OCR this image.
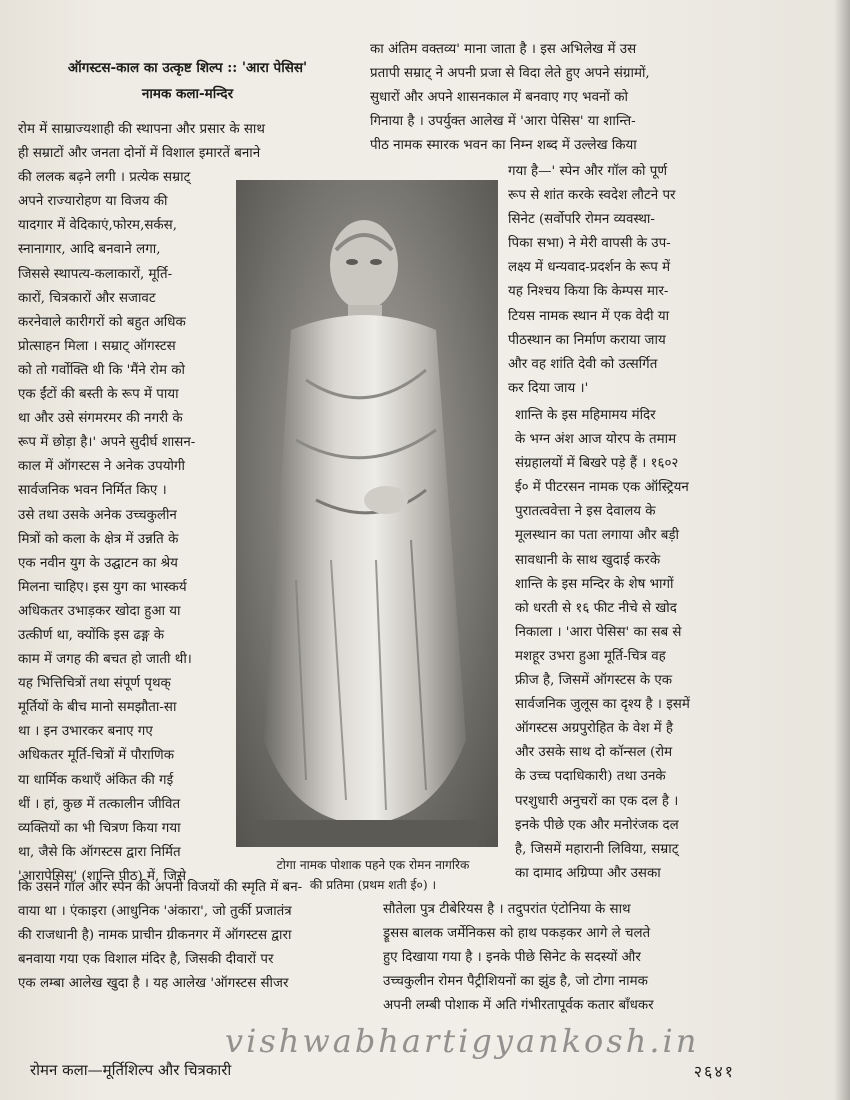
ऑगस्टस-काल का उत्कृष्ट शिल्प :: 'आरा पेसिस'
नामक कला-मन्दिर
का अंतिम वक्तव्य' माना जाता है । इस अभिलेख में उस
प्रतापी सम्राट् ने अपनी प्रजा से विदा लेते हुए अपने संग्रामों,
सुधारों और अपने शासनकाल में बनवाए गए भवनों को
गिनाया है । उपर्युक्त आलेख में 'आरा पेसिस' या शान्ति-
पीठ नामक स्मारक भवन का निम्न शब्द में उल्लेख किया
रोम में साम्राज्यशाही की स्थापना और प्रसार के साथ
ही सम्राटों और जनता दोनों में विशाल इमारतें बनाने
की ललक बढ़ने लगी । प्रत्येक सम्राट्
अपने राज्यारोहण या विजय की
यादगार में वेदिकाएं,फोरम,सर्कस,
स्नानागार, आदि बनवाने लगा,
जिससे स्थापत्य-कलाकारों, मूर्ति-
कारों, चित्रकारों और सजावट
करनेवाले कारीगरों को बहुत अधिक
प्रोत्साहन मिला । सम्राट् ऑगस्टस
को तो गर्वोक्ति थी कि 'मैंने रोम को
एक ईंटों की बस्ती के रूप में पाया
था और उसे संगमरमर की नगरी के
रूप में छोड़ा है।' अपने सुदीर्घ शासन-
काल में ऑगस्टस ने अनेक उपयोगी
सार्वजनिक भवन निर्मित किए ।
उसे तथा उसके अनेक उच्चकुलीन
मित्रों को कला के क्षेत्र में उन्नति के
एक नवीन युग के उद्घाटन का श्रेय
मिलना चाहिए। इस युग का भास्कर्य
अधिकतर उभाड़कर खोदा हुआ या
उत्कीर्ण था, क्योंकि इस ढङ्ग के
काम में जगह की बचत हो जाती थी।
यह भित्तिचित्रों तथा संपूर्ण पृथक्
मूर्तियों के बीच मानो समझौता-सा
था । इन उभारकर बनाए गए
अधिकतर मूर्ति-चित्रों में पौराणिक
या धार्मिक कथाएँ अंकित की गई
थीं । हां, कुछ में तत्कालीन जीवित
व्यक्तियों का भी चित्रण किया गया
था, जैसे कि ऑगस्टस द्वारा निर्मित
'आरापेसिस' (शान्ति पीठ) में, जिसे
गया है—' स्पेन और गॉल को पूर्ण
रूप से शांत करके स्वदेश लौटने पर
सिनेट (सर्वोपरि रोमन व्यवस्था-
पिका सभा) ने मेरी वापसी के उप-
लक्ष्य में धन्यवाद-प्रदर्शन के रूप में
यह निश्चय किया कि केम्पस मार-
टियस नामक स्थान में एक वेदी या
पीठस्थान का निर्माण कराया जाय
और वह शांति देवी को उत्सर्गित
कर दिया जाय ।'
शान्ति के इस महिमामय मंदिर
के भग्न अंश आज योरप के तमाम
संग्रहालयों में बिखरे पड़े हैं । १६०२
ई० में पीटरसन नामक एक ऑस्ट्रियन
पुरातत्ववेत्ता ने इस देवालय के
मूलस्थान का पता लगाया और बड़ी
सावधानी के साथ खुदाई करके
शान्ति के इस मन्दिर के शेष भागों
को धरती से १६ फीट नीचे से खोद
निकाला । 'आरा पेसिस' का सब से
मशहूर उभरा हुआ मूर्ति-चित्र वह
फ्रीज है, जिसमें ऑगस्टस के एक
सार्वजनिक जुलूस का दृश्य है । इसमें
ऑगस्टस अग्रपुरोहित के वेश में है
और उसके साथ दो कॉन्सल (रोम
के उच्च पदाधिकारी) तथा उनके
परशुधारी अनुचरों का एक दल है ।
इनके पीछे एक और मनोरंजक दल
है, जिसमें महारानी लिविया, सम्राट्
का दामाद अग्रिप्पा और उसका
कि उसने गॉल और स्पेन की अपनी विजयों की स्मृति में बन-
वाया था । एंकाइरा (आधुनिक 'अंकारा', जो तुर्की प्रजातंत्र
की राजधानी है) नामक प्राचीन ग्रीकनगर में ऑगस्टस द्वारा
बनवाया गया एक विशाल मंदिर है, जिसकी दीवारों पर
एक लम्बा आलेख खुदा है । यह आलेख 'ऑगस्टस सीजर
सौतेला पुत्र टीबेरियस है । तदुपरांत एंटोनिया के साथ
ड्रूसस बालक जर्मेनिकस को हाथ पकड़कर आगे ले चलते
हुए दिखाया गया है । इनके पीछे सिनेट के सदस्यों और
उच्चकुलीन रोमन पैट्रीशियनों का झुंड है, जो टोगा नामक
अपनी लम्बी पोशाक में अति गंभीरतापूर्वक कतार बाँधकर
टोगा नामक पोशाक पहने एक रोमन नागरिक
की प्रतिमा (प्रथम शती ई०) ।
vishwabhartigyankosh.in
रोमन कला—मूर्तिशिल्प और चित्रकारी	२६४१
